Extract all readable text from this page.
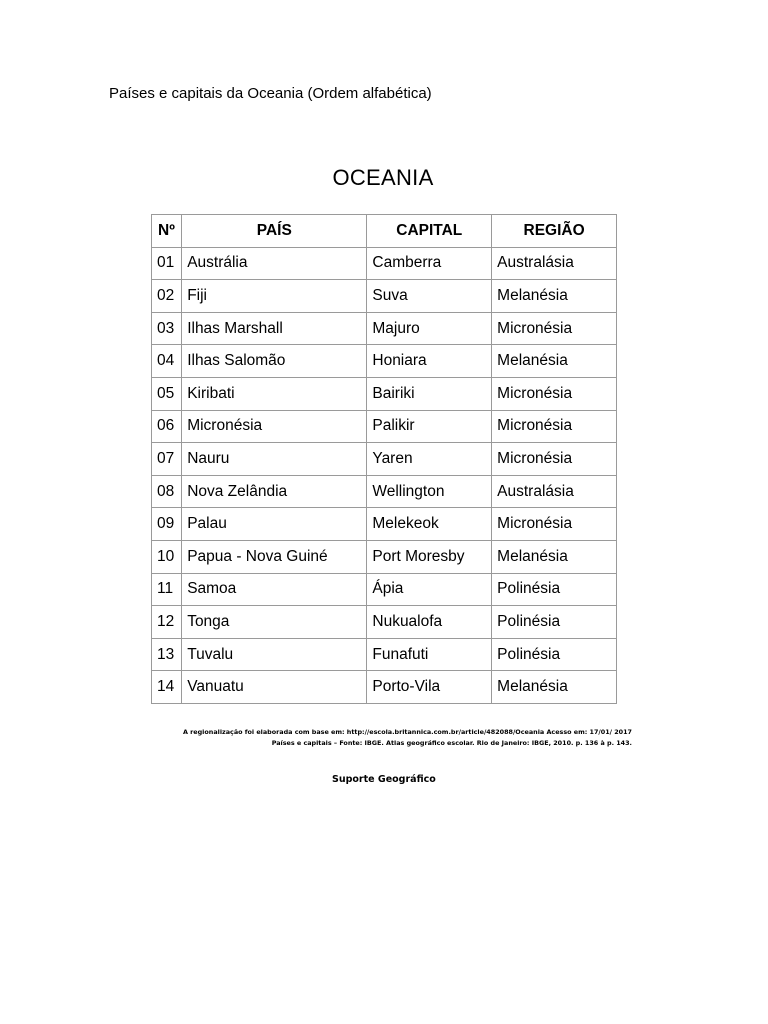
Países e capitais da Oceania (Ordem alfabética)
OCEANIA
Nº	PAÍS	CAPITAL	REGIÃO
01	Austrália	Camberra	Australásia
02	Fiji	Suva	Melanésia
03	Ilhas Marshall	Majuro	Micronésia
04	Ilhas Salomão	Honiara	Melanésia
05	Kiribati	Bairiki	Micronésia
06	Micronésia	Palikir	Micronésia
07	Nauru	Yaren	Micronésia
08	Nova Zelândia	Wellington	Australásia
09	Palau	Melekeok	Micronésia
10	Papua - Nova Guiné	Port Moresby	Melanésia
11	Samoa	Ápia	Polinésia
12	Tonga	Nukualofa	Polinésia
13	Tuvalu	Funafuti	Polinésia
14	Vanuatu	Porto-Vila	Melanésia
A regionalização foi elaborada com base em: http://escola.britannica.com.br/article/482088/Oceania Acesso em: 17/01/ 2017
Países e capitais – Fonte: IBGE. Atlas geográfico escolar. Rio de Janeiro: IBGE, 2010. p. 136 à p. 143.
Suporte Geográfico
